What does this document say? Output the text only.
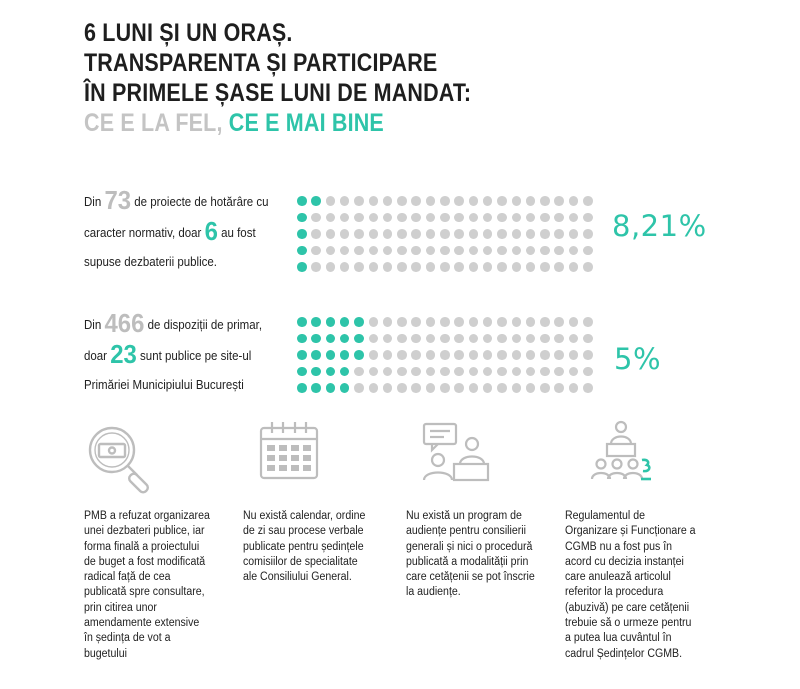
6 LUNI ȘI UN ORAȘ.
TRANSPARENTA ȘI PARTICIPARE
ÎN PRIMELE ȘASE LUNI DE MANDAT:
CE E LA FEL, CE E MAI BINE
Din 73 de proiecte de hotărâre cu
caracter normativ, doar 6 au fost
supuse dezbaterii publice.
8,21%
Din 466 de dispoziții de primar,
doar 23 sunt publice pe site-ul
Primăriei Municipiului București
5%
PMB a refuzat organizarea
unei dezbateri publice, iar
forma finală a proiectului
de buget a fost modificată
radical față de cea
publicată spre consultare,
prin citirea unor
amendamente extensive
în ședința de vot a
bugetului
Nu există calendar, ordine
de zi sau procese verbale
publicate pentru ședințele
comisiilor de specialitate
ale Consiliului General.
Nu există un program de
audiențe pentru consilierii
generali și nici o procedură
publicată a modalității prin
care cetățenii se pot înscrie
la audiențe.
Regulamentul de
Organizare și Funcționare a
CGMB nu a fost pus în
acord cu decizia instanței
care anulează articolul
referitor la procedura
(abuzivă) pe care cetățenii
trebuie să o urmeze pentru
a putea lua cuvântul în
cadrul Ședințelor CGMB.
